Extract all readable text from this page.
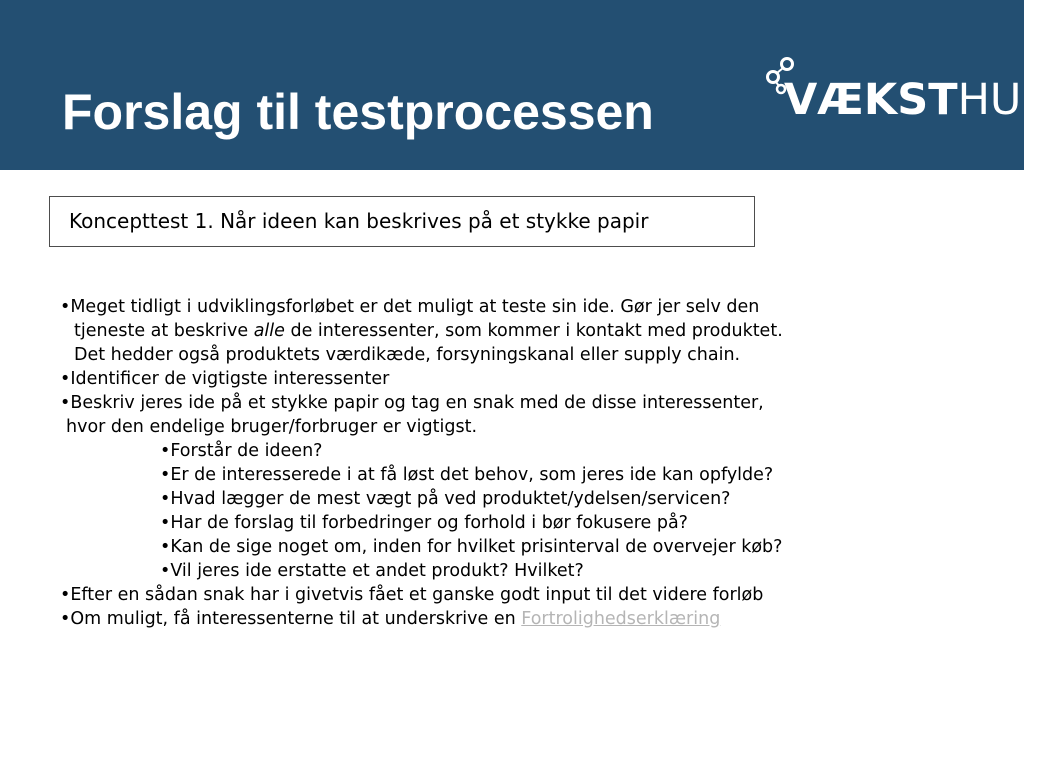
Forslag til testprocessen	VÆKSTHUS
Koncepttest 1. Når ideen kan beskrives på et stykke papir
•Meget tidligt i udviklingsforløbet er det muligt at teste sin ide. Gør jer selv den
tjeneste at beskrive alle de interessenter, som kommer i kontakt med produktet.
Det hedder også produktets værdikæde, forsyningskanal eller supply chain.
•Identificer de vigtigste interessenter
•Beskriv jeres ide på et stykke papir og tag en snak med de disse interessenter,
hvor den endelige bruger/forbruger er vigtigst.
•Forstår de ideen?
•Er de interesserede i at få løst det behov, som jeres ide kan opfylde?
•Hvad lægger de mest vægt på ved produktet/ydelsen/servicen?
•Har de forslag til forbedringer og forhold i bør fokusere på?
•Kan de sige noget om, inden for hvilket prisinterval de overvejer køb?
•Vil jeres ide erstatte et andet produkt? Hvilket?
•Efter en sådan snak har i givetvis fået et ganske godt input til det videre forløb
•Om muligt, få interessenterne til at underskrive en Fortrolighedserklæring
